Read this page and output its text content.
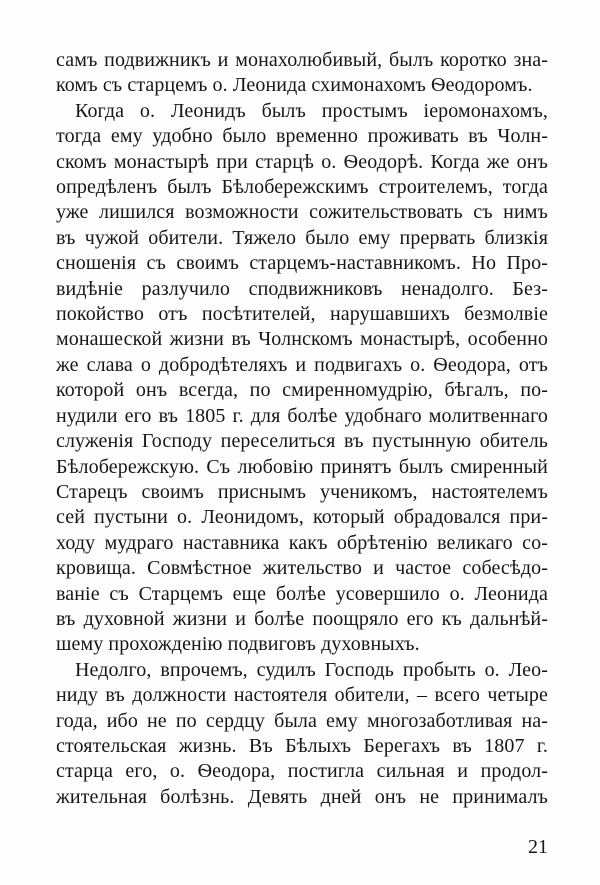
самъ подвижникъ и монахолюбивый, былъ коротко зна-
комъ съ старцемъ о. Леонида схимонахомъ Ѳеодоромъ.
Когда о. Леонидъ былъ простымъ іеромонахомъ,
тогда ему удобно было временно проживать въ Чолн-
скомъ монастырѣ при старцѣ о. Ѳеодорѣ. Когда же онъ
опредѣленъ былъ Бѣлобережскимъ строителемъ, тогда
уже лишился возможности сожительствовать съ нимъ
въ чужой обители. Тяжело было ему прервать близкія
сношенія съ своимъ старцемъ-наставникомъ. Но Про-
видѣніе разлучило сподвижниковъ ненадолго. Без-
покойство отъ посѣтителей, нарушавшихъ безмолвіе
монашеской жизни въ Чолнскомъ монастырѣ, особенно
же слава о добродѣтеляхъ и подвигахъ о. Ѳеодора, отъ
которой онъ всегда, по смиренномудрію, бѣгалъ, по-
нудили его въ 1805 г. для болѣе удобнаго молитвеннаго
служенія Господу переселиться въ пустынную обитель
Бѣлобережскую. Съ любовію принятъ былъ смиренный
Старецъ своимъ приснымъ ученикомъ, настоятелемъ
сей пустыни о. Леонидомъ, который обрадовался при-
ходу мудраго наставника какъ обрѣтенію великаго со-
кровища. Совмѣстное жительство и частое собесѣдо-
ваніе съ Старцемъ еще болѣе усовершило о. Леонида
въ духовной жизни и болѣе поощряло его къ дальнѣй-
шему прохожденію подвиговъ духовныхъ.
Недолго, впрочемъ, судилъ Господь пробыть о. Лео-
ниду въ должности настоятеля обители, – всего четыре
года, ибо не по сердцу была ему многозаботливая на-
стоятельская жизнь. Въ Бѣлыхъ Берегахъ въ 1807 г.
старца его, о. Ѳеодора, постигла сильная и продол-
жительная болѣзнь. Девять дней онъ не принималъ
21
